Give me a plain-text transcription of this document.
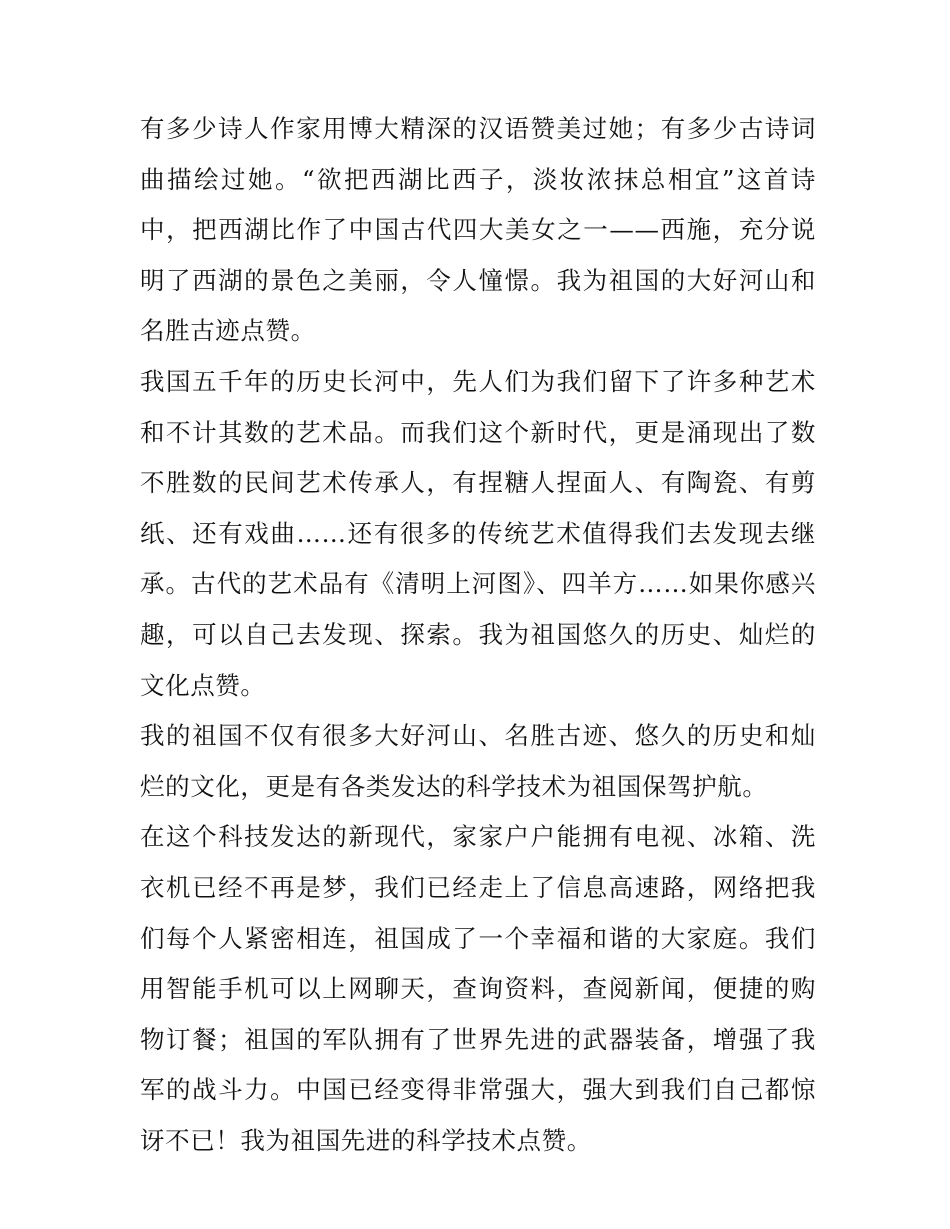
有多少诗人作家用博大精深的汉语赞美过她；有多少古诗词曲描绘过她。“欲把西湖比西子，淡妆浓抹总相宜”这首诗中，把西湖比作了中国古代四大美女之一——西施，充分说明了西湖的景色之美丽，令人憧憬。我为祖国的大好河山和名胜古迹点赞。

我国五千年的历史长河中，先人们为我们留下了许多种艺术和不计其数的艺术品。而我们这个新时代，更是涌现出了数不胜数的民间艺术传承人，有捏糖人捏面人、有陶瓷、有剪纸、还有戏曲……还有很多的传统艺术值得我们去发现去继承。古代的艺术品有《清明上河图》、四羊方……如果你感兴趣，可以自己去发现、探索。我为祖国悠久的历史、灿烂的文化点赞。

我的祖国不仅有很多大好河山、名胜古迹、悠久的历史和灿烂的文化，更是有各类发达的科学技术为祖国保驾护航。

在这个科技发达的新现代，家家户户能拥有电视、冰箱、洗衣机已经不再是梦，我们已经走上了信息高速路，网络把我们每个人紧密相连，祖国成了一个幸福和谐的大家庭。我们用智能手机可以上网聊天，查询资料，查阅新闻，便捷的购物订餐；祖国的军队拥有了世界先进的武器装备，增强了我军的战斗力。中国已经变得非常强大，强大到我们自己都惊讶不已！我为祖国先进的科学技术点赞。
